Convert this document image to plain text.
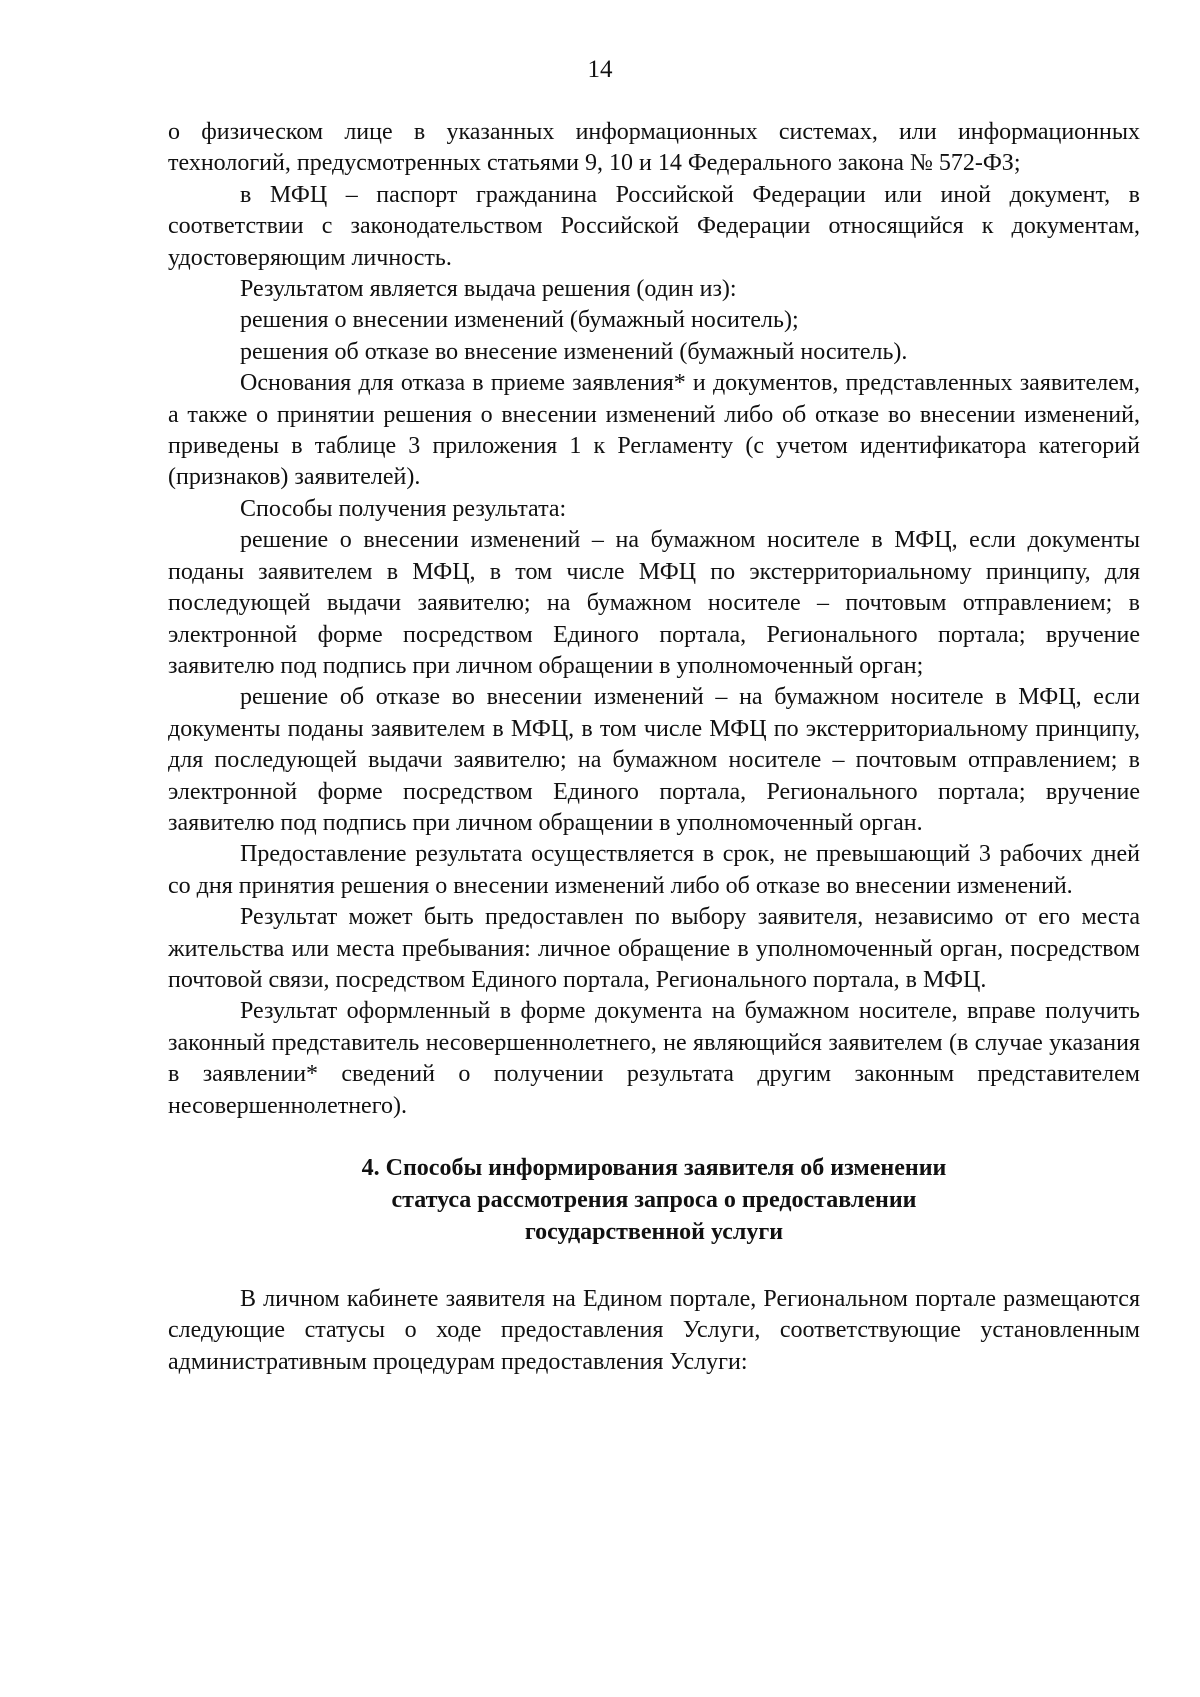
14

о физическом лице в указанных информационных системах, или информационных технологий, предусмотренных статьями 9, 10 и 14 Федерального закона № 572-ФЗ;

в МФЦ – паспорт гражданина Российской Федерации или иной документ, в соответствии с законодательством Российской Федерации относящийся к документам, удостоверяющим личность.

Результатом является выдача решения (один из):

решения о внесении изменений (бумажный носитель);

решения об отказе во внесение изменений (бумажный носитель).

Основания для отказа в приеме заявления* и документов, представленных заявителем, а также о принятии решения о внесении изменений либо об отказе во внесении изменений, приведены в таблице 3 приложения 1 к Регламенту (с учетом идентификатора категорий (признаков) заявителей).

Способы получения результата:

решение о внесении изменений – на бумажном носителе в МФЦ, если документы поданы заявителем в МФЦ, в том числе МФЦ по экстерриториальному принципу, для последующей выдачи заявителю; на бумажном носителе – почтовым отправлением; в электронной форме посредством Единого портала, Регионального портала; вручение заявителю под подпись при личном обращении в уполномоченный орган;

решение об отказе во внесении изменений – на бумажном носителе в МФЦ, если документы поданы заявителем в МФЦ, в том числе МФЦ по экстерриториальному принципу, для последующей выдачи заявителю; на бумажном носителе – почтовым отправлением; в электронной форме посредством Единого портала, Регионального портала; вручение заявителю под подпись при личном обращении в уполномоченный орган.

Предоставление результата осуществляется в срок, не превышающий 3 рабочих дней со дня принятия решения о внесении изменений либо об отказе во внесении изменений.

Результат может быть предоставлен по выбору заявителя, независимо от его места жительства или места пребывания: личное обращение в уполномоченный орган, посредством почтовой связи, посредством Единого портала, Регионального портала, в МФЦ.

Результат оформленный в форме документа на бумажном носителе, вправе получить законный представитель несовершеннолетнего, не являющийся заявителем (в случае указания в заявлении* сведений о получении результата другим законным представителем несовершеннолетнего).

4. Способы информирования заявителя об изменении
статуса рассмотрения запроса о предоставлении
государственной услуги

В личном кабинете заявителя на Едином портале, Региональном портале размещаются следующие статусы о ходе предоставления Услуги, соответствующие установленным административным процедурам предоставления Услуги:
